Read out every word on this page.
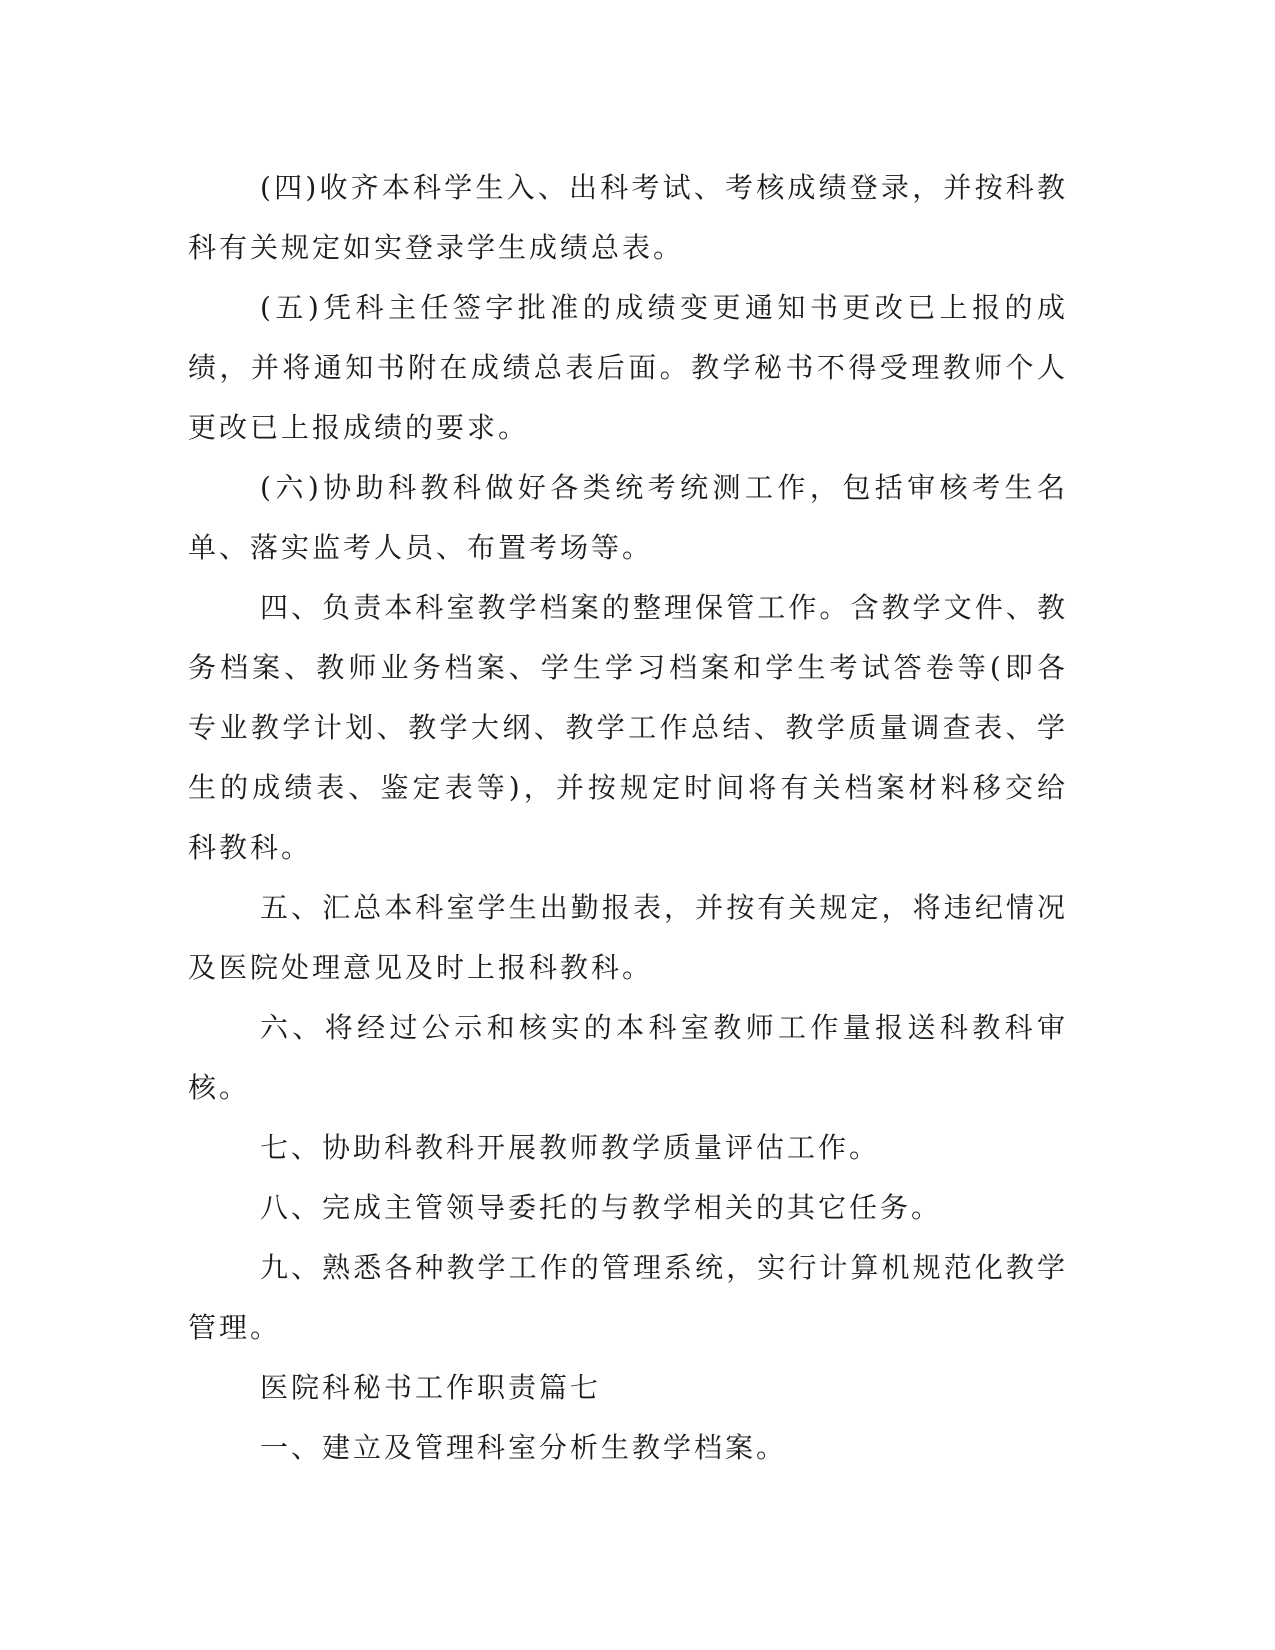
(四)收齐本科学生入、出科考试、考核成绩登录，并按科教科有关规定如实登录学生成绩总表。

(五)凭科主任签字批准的成绩变更通知书更改已上报的成绩，并将通知书附在成绩总表后面。教学秘书不得受理教师个人更改已上报成绩的要求。

(六)协助科教科做好各类统考统测工作，包括审核考生名单、落实监考人员、布置考场等。

四、负责本科室教学档案的整理保管工作。含教学文件、教务档案、教师业务档案、学生学习档案和学生考试答卷等(即各专业教学计划、教学大纲、教学工作总结、教学质量调查表、学生的成绩表、鉴定表等)，并按规定时间将有关档案材料移交给科教科。

五、汇总本科室学生出勤报表，并按有关规定，将违纪情况及医院处理意见及时上报科教科。

六、将经过公示和核实的本科室教师工作量报送科教科审核。

七、协助科教科开展教师教学质量评估工作。

八、完成主管领导委托的与教学相关的其它任务。

九、熟悉各种教学工作的管理系统，实行计算机规范化教学管理。

医院科秘书工作职责篇七

一、建立及管理科室分析生教学档案。
